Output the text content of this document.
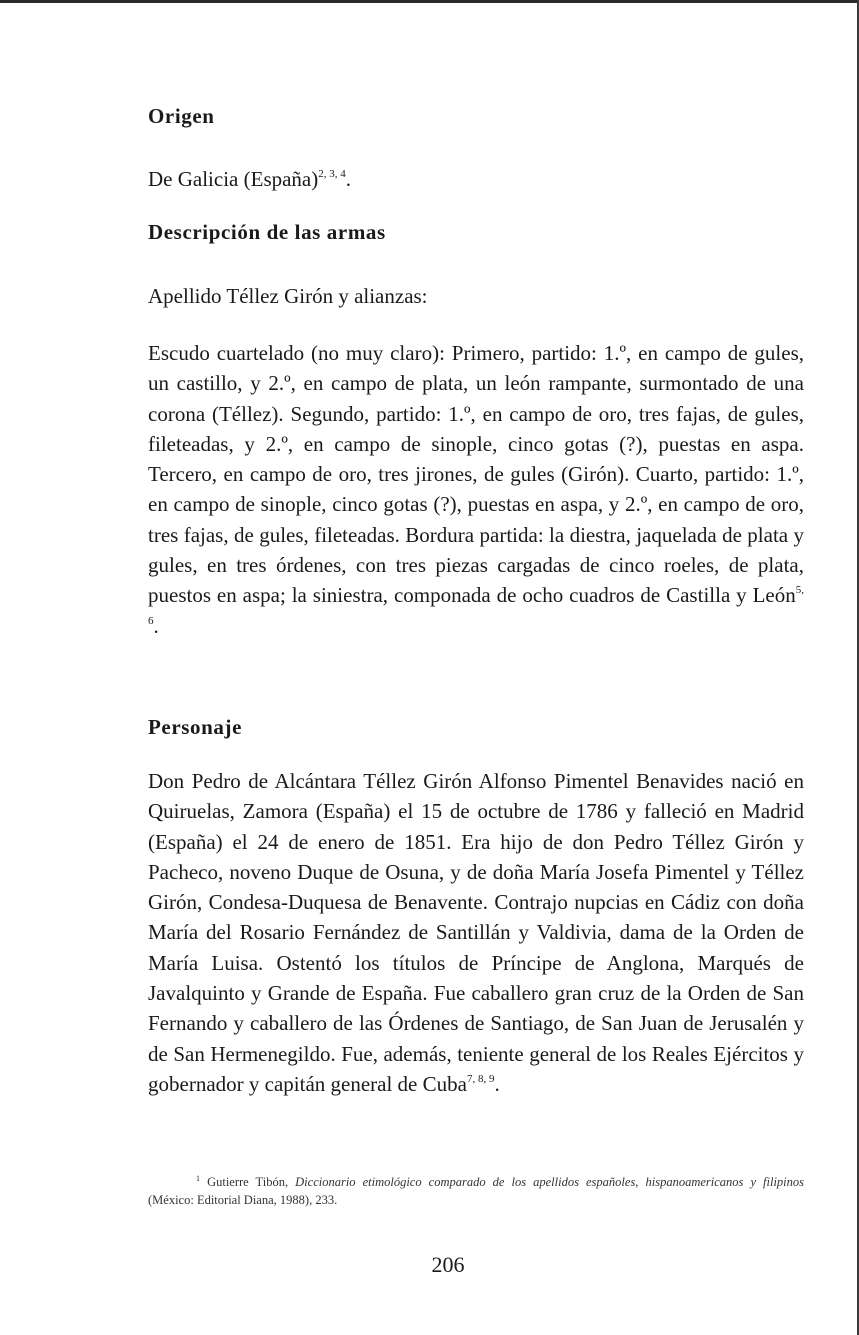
Origen

De Galicia (España)$^{2, 3, 4}$.

Descripción de las armas

Apellido Téllez Girón y alianzas:

Escudo cuartelado (no muy claro): Primero, partido: 1.º, en campo de gules, un castillo, y 2.º, en campo de plata, un león rampante, surmontado de una corona (Téllez). Segundo, partido: 1.º, en campo de oro, tres fajas, de gules, fileteadas, y 2.º, en campo de sinople, cinco gotas (?), puestas en aspa. Tercero, en campo de oro, tres jirones, de gules (Girón). Cuarto, partido: 1.º, en campo de sinople, cinco gotas (?), puestas en aspa, y 2.º, en campo de oro, tres fajas, de gules, fileteadas. Bordura partida: la diestra, jaquelada de plata y gules, en tres órdenes, con tres piezas cargadas de cinco roeles, de plata, puestos en aspa; la siniestra, componada de ocho cuadros de Castilla y León$^{5, 6}$.

Personaje

Don Pedro de Alcántara Téllez Girón Alfonso Pimentel Benavides nació en Quiruelas, Zamora (España) el 15 de octubre de 1786 y falleció en Madrid (España) el 24 de enero de 1851. Era hijo de don Pedro Téllez Girón y Pacheco, noveno Duque de Osuna, y de doña María Josefa Pimentel y Téllez Girón, Condesa-Duquesa de Benavente. Contrajo nupcias en Cádiz con doña María del Rosario Fernández de Santillán y Valdivia, dama de la Orden de María Luisa. Ostentó los títulos de Príncipe de Anglona, Marqués de Javalquinto y Grande de España. Fue caballero gran cruz de la Orden de San Fernando y caballero de las Órdenes de Santiago, de San Juan de Jerusalén y de San Hermenegildo. Fue, además, teniente general de los Reales Ejércitos y gobernador y capitán general de Cuba$^{7, 8, 9}$.

$^1$ Gutierre Tibón, Diccionario etimológico comparado de los apellidos españoles, hispanoamericanos y filipinos (México: Editorial Diana, 1988), 233.

206
